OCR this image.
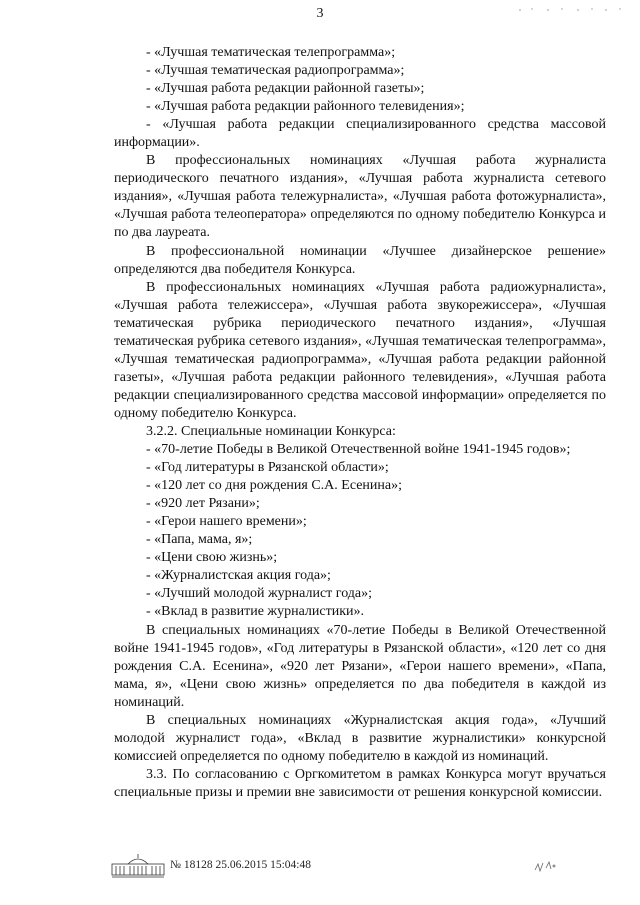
3

- «Лучшая тематическая телепрограмма»;

- «Лучшая тематическая радиопрограмма»;

- «Лучшая работа редакции районной газеты»;

- «Лучшая работа редакции районного телевидения»;

- «Лучшая работа редакции специализированного средства массовой информации».

В профессиональных номинациях «Лучшая работа журналиста периодического печатного издания», «Лучшая работа журналиста сетевого издания», «Лучшая работа тележурналиста», «Лучшая работа фотожурналиста», «Лучшая работа телеоператора» определяются по одному победителю Конкурса и по два лауреата.

В профессиональной номинации «Лучшее дизайнерское решение» определяются два победителя Конкурса.

В профессиональных номинациях «Лучшая работа радиожурналиста», «Лучшая работа тележиссера», «Лучшая работа звукорежиссера», «Лучшая тематическая рубрика периодического печатного издания», «Лучшая тематическая рубрика сетевого издания», «Лучшая тематическая телепрограмма», «Лучшая тематическая радиопрограмма», «Лучшая работа редакции районной газеты», «Лучшая работа редакции районного телевидения», «Лучшая работа редакции специализированного средства массовой информации» определяется по одному победителю Конкурса.

3.2.2. Специальные номинации Конкурса:

- «70-летие Победы в Великой Отечественной войне 1941-1945 годов»;

- «Год литературы в Рязанской области»;

- «120 лет со дня рождения С.А. Есенина»;

- «920 лет Рязани»;

- «Герои нашего времени»;

- «Папа, мама, я»;

- «Цени свою жизнь»;

- «Журналистская акция года»;

- «Лучший молодой журналист года»;

- «Вклад в развитие журналистики».

В специальных номинациях «70-летие Победы в Великой Отечественной войне 1941-1945 годов», «Год литературы в Рязанской области», «120 лет со дня рождения С.А. Есенина», «920 лет Рязани», «Герои нашего времени», «Папа, мама, я», «Цени свою жизнь» определяется по два победителя в каждой из номинаций.

В специальных номинациях «Журналистская акция года», «Лучший молодой журналист года», «Вклад в развитие журналистики» конкурсной комиссией определяется по одному победителю в каждой из номинаций.

3.3. По согласованию с Оргкомитетом в рамках Конкурса могут вручаться специальные призы и премии вне зависимости от решения конкурсной комиссии.

№ 18128 25.06.2015 15:04:48
